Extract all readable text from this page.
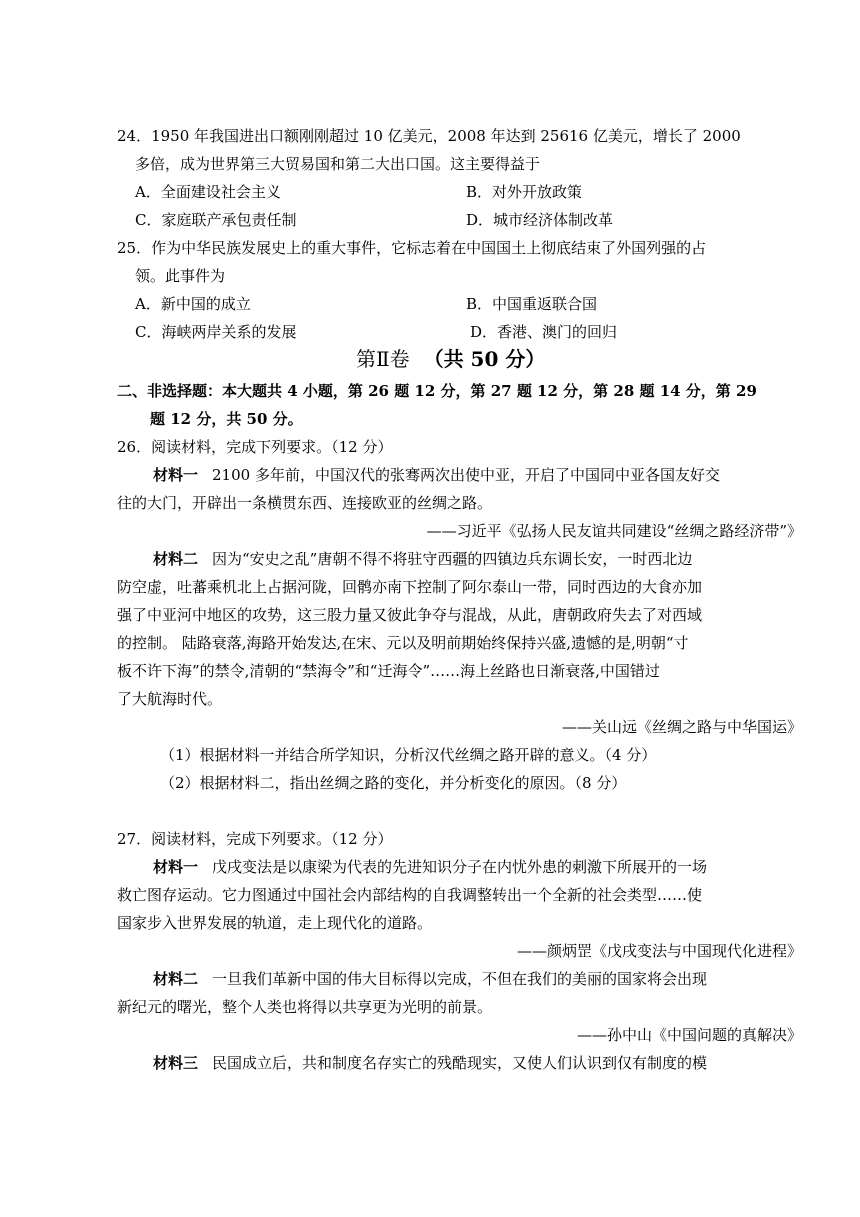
24．1950 年我国进出口额刚刚超过 10 亿美元，2008 年达到 25616 亿美元，增长了 2000
多倍，成为世界第三大贸易国和第二大出口国。这主要得益于
A．全面建设社会主义	B．对外开放政策
C．家庭联产承包责任制	D．城市经济体制改革
25．作为中华民族发展史上的重大事件，它标志着在中国国土上彻底结束了外国列强的占
领。此事件为
A．新中国的成立	B．中国重返联合国
C．海峡两岸关系的发展	D．香港、澳门的回归
第Ⅱ卷 （共 50 分）
二、非选择题：本大题共 4 小题，第 26 题 12 分，第 27 题 12 分，第 28 题 14 分，第 29
题 12 分，共 50 分。
26．阅读材料，完成下列要求。（12 分）
材料一 2100 多年前，中国汉代的张骞两次出使中亚，开启了中国同中亚各国友好交
往的大门，开辟出一条横贯东西、连接欧亚的丝绸之路。
——习近平《弘扬人民友谊共同建设“丝绸之路经济带”》
材料二 因为“安史之乱”唐朝不得不将驻守西疆的四镇边兵东调长安，一时西北边
防空虚，吐蕃乘机北上占据河陇，回鹘亦南下控制了阿尔泰山一带，同时西边的大食亦加
强了中亚河中地区的攻势，这三股力量又彼此争夺与混战，从此，唐朝政府失去了对西域
的控制。 陆路衰落,海路开始发达,在宋、元以及明前期始终保持兴盛,遗憾的是,明朝“寸
板不许下海”的禁令,清朝的“禁海令”和“迁海令”……海上丝路也日渐衰落,中国错过
了大航海时代。
——关山远《丝绸之路与中华国运》
（1）根据材料一并结合所学知识，分析汉代丝绸之路开辟的意义。（4 分）
（2）根据材料二，指出丝绸之路的变化，并分析变化的原因。（8 分）
27．阅读材料，完成下列要求。（12 分）
材料一 戊戌变法是以康梁为代表的先进知识分子在内忧外患的刺激下所展开的一场
救亡图存运动。它力图通过中国社会内部结构的自我调整转出一个全新的社会类型……使
国家步入世界发展的轨道，走上现代化的道路。
——颜炳罡《戊戌变法与中国现代化进程》
材料二 一旦我们革新中国的伟大目标得以完成，不但在我们的美丽的国家将会出现
新纪元的曙光，整个人类也将得以共享更为光明的前景。
——孙中山《中国问题的真解决》
材料三 民国成立后，共和制度名存实亡的残酷现实，又使人们认识到仅有制度的模
